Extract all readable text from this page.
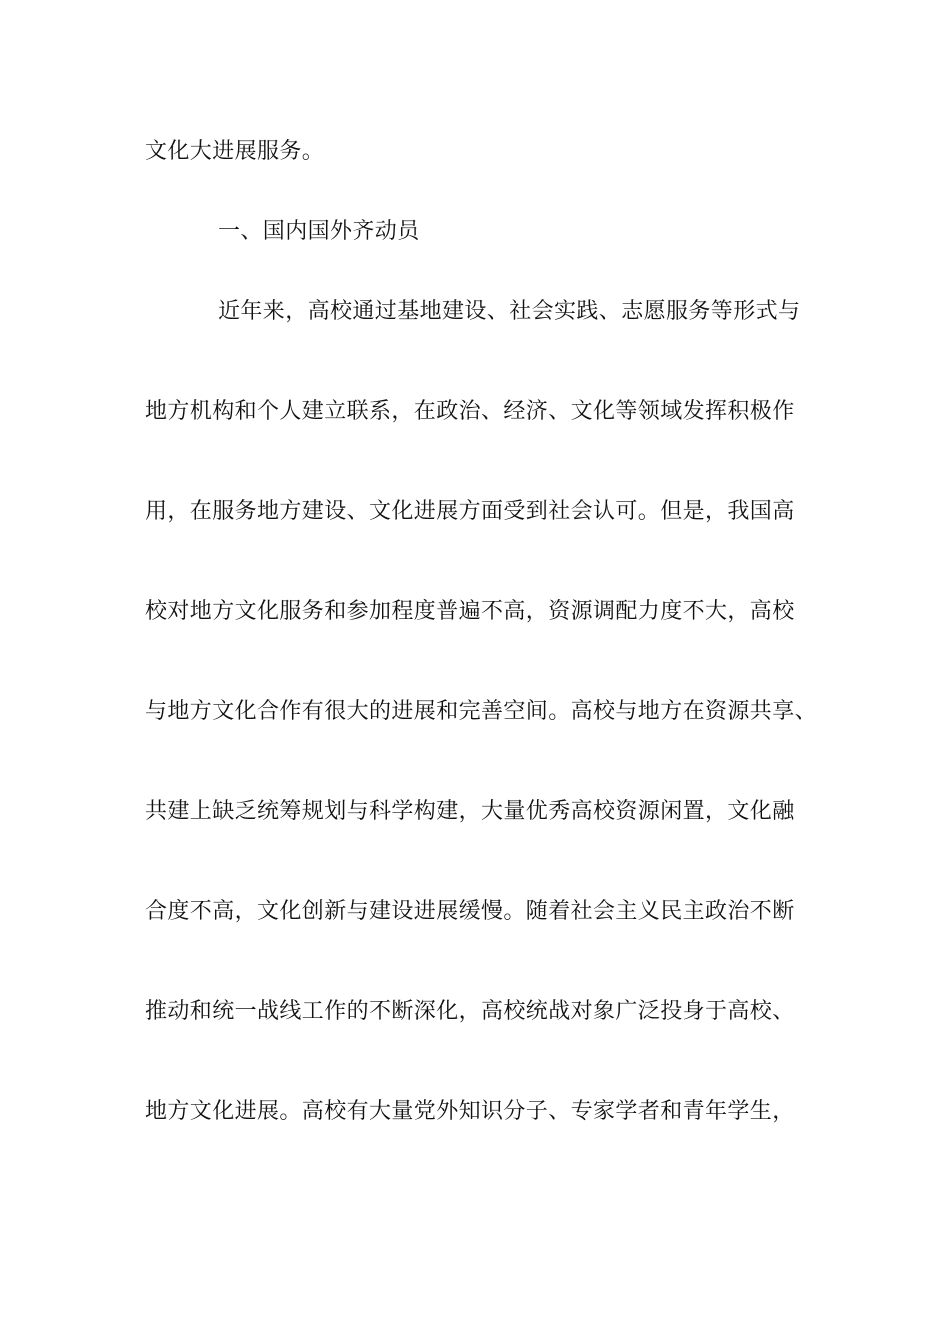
文化大进展服务。
一、国内国外齐动员
近年来，高校通过基地建设、社会实践、志愿服务等形式与
地方机构和个人建立联系，在政治、经济、文化等领域发挥积极作
用，在服务地方建设、文化进展方面受到社会认可。但是，我国高
校对地方文化服务和参加程度普遍不高，资源调配力度不大，高校
与地方文化合作有很大的进展和完善空间。高校与地方在资源共享、
共建上缺乏统筹规划与科学构建，大量优秀高校资源闲置，文化融
合度不高，文化创新与建设进展缓慢。随着社会主义民主政治不断
推动和统一战线工作的不断深化，高校统战对象广泛投身于高校、
地方文化进展。高校有大量党外知识分子、专家学者和青年学生，
